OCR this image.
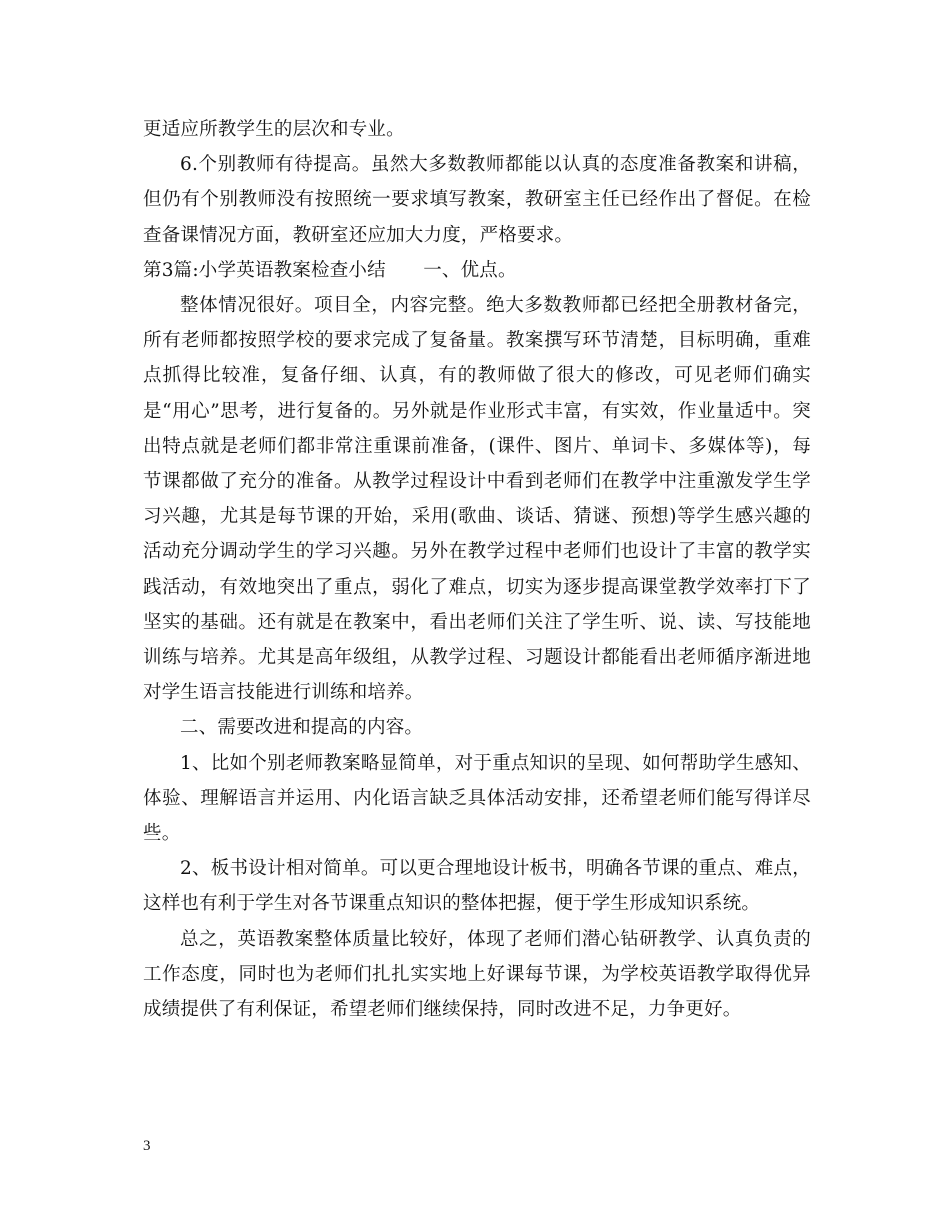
更适应所教学生的层次和专业。

6.个别教师有待提高。虽然大多数教师都能以认真的态度准备教案和讲稿，但仍有个别教师没有按照统一要求填写教案，教研室主任已经作出了督促。在检查备课情况方面，教研室还应加大力度，严格要求。

第3篇:小学英语教案检查小结　　一、优点。

整体情况很好。项目全，内容完整。绝大多数教师都已经把全册教材备完，所有老师都按照学校的要求完成了复备量。教案撰写环节清楚，目标明确，重难点抓得比较准，复备仔细、认真，有的教师做了很大的修改，可见老师们确实是“用心”思考，进行复备的。另外就是作业形式丰富，有实效，作业量适中。突出特点就是老师们都非常注重课前准备，(课件、图片、单词卡、多媒体等)，每节课都做了充分的准备。从教学过程设计中看到老师们在教学中注重激发学生学习兴趣，尤其是每节课的开始，采用(歌曲、谈话、猜谜、预想)等学生感兴趣的活动充分调动学生的学习兴趣。另外在教学过程中老师们也设计了丰富的教学实践活动，有效地突出了重点，弱化了难点，切实为逐步提高课堂教学效率打下了坚实的基础。还有就是在教案中，看出老师们关注了学生听、说、读、写技能地训练与培养。尤其是高年级组，从教学过程、习题设计都能看出老师循序渐进地对学生语言技能进行训练和培养。

二、需要改进和提高的内容。

1、比如个别老师教案略显简单，对于重点知识的呈现、如何帮助学生感知、体验、理解语言并运用、内化语言缺乏具体活动安排，还希望老师们能写得详尽些。

2、板书设计相对简单。可以更合理地设计板书，明确各节课的重点、难点，这样也有利于学生对各节课重点知识的整体把握，便于学生形成知识系统。

总之，英语教案整体质量比较好，体现了老师们潜心钻研教学、认真负责的工作态度，同时也为老师们扎扎实实地上好课每节课，为学校英语教学取得优异成绩提供了有利保证，希望老师们继续保持，同时改进不足，力争更好。

3
